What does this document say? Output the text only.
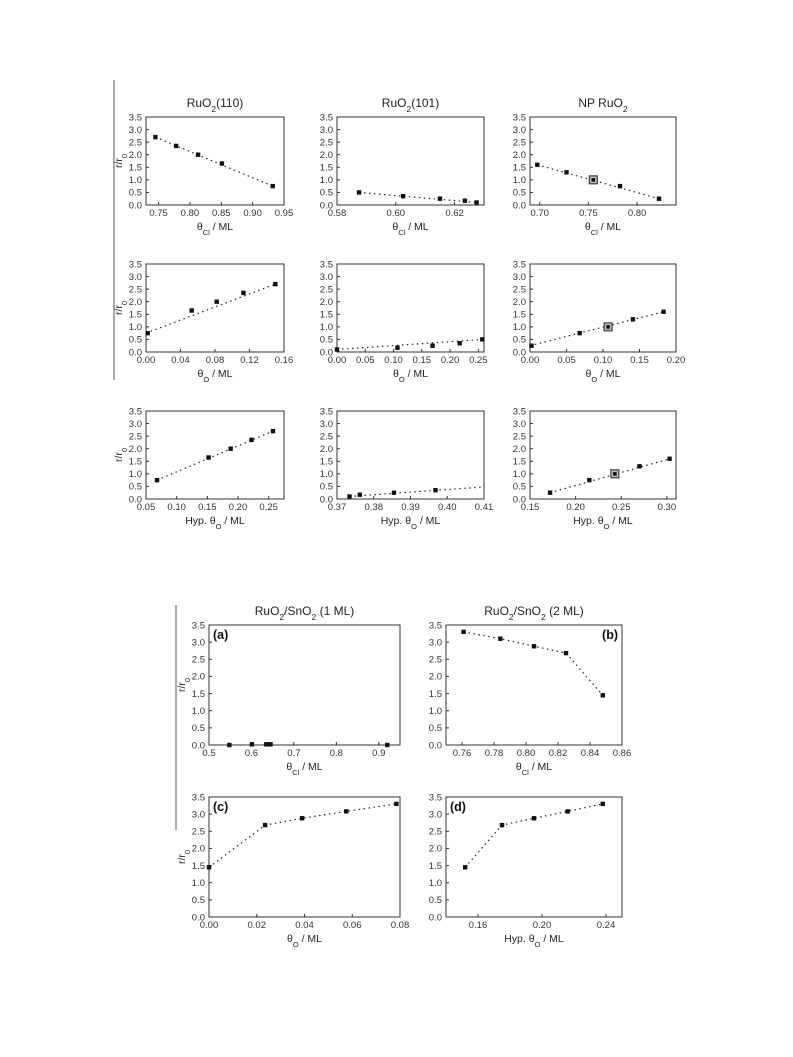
0.0
0.5
1.0
1.5
2.0
2.5
3.0
3.5
0.75 0.80 0.85 0.90 0.95
$\theta_{Cl}$ / ML
$r/r_0$
RuO$_2$(110)
0.0
0.5
1.0
1.5
2.0
2.5
3.0
3.5
0.58	0.60	0.62
$\theta_{Cl}$ / ML
RuO$_2$(101)
0.0
0.5
1.0
1.5
2.0
2.5
3.0
3.5
0.70	0.75	0.80
$\theta_{Cl}$ / ML
NP RuO$_2$
0.0
0.5
1.0
1.5
2.0
2.5
3.0
3.5
0.00 0.04 0.08 0.12 0.16
$\theta_O$ / ML
$r/r_0$
0.0
0.5
1.0
1.5
2.0
2.5
3.0
3.5
0.00 0.05 0.10 0.15 0.20 0.25
$\theta_O$ / ML
0.0
0.5
1.0
1.5
2.0
2.5
3.0
3.5
0.00 0.05 0.10 0.15 0.20
$\theta_O$ / ML
0.0
0.5
1.0
1.5
2.0
2.5
3.0
3.5
0.05 0.10 0.15 0.20 0.25
Hyp. $\theta_O$ / ML
$r/r_0$
0.0
0.5
1.0
1.5
2.0
2.5
3.0
3.5
0.37 0.38 0.39 0.40 0.41
Hyp. $\theta_O$ / ML
0.0
0.5
1.0
1.5
2.0
2.5
3.0
3.5
0.15	0.20	0.25	0.30
Hyp. $\theta_O$ / ML
0.0
0.5
1.0
1.5
2.0
2.5
3.0
3.5
0.5	0.6	0.7	0.8	0.9
$\theta_{Cl}$ / ML
$r/r_0$
RuO$_2$/SnO$_2$ (1 ML)
(a)
0.0
0.5
1.0
1.5
2.0
2.5
3.0
3.5
0.76 0.78 0.80 0.82 0.84 0.86
$\theta_{Cl}$ / ML
RuO$_2$/SnO$_2$ (2 ML)
(b)
0.0
0.5
1.0
1.5
2.0
2.5
3.0
3.5
0.00	0.02	0.04	0.06	0.08
$\theta_O$ / ML
$r/r_0$
(c)
0.0
0.5
1.0
1.5
2.0
2.5
3.0
3.5
0.16	0.20	0.24
Hyp. $\theta_O$ / ML
(d)
